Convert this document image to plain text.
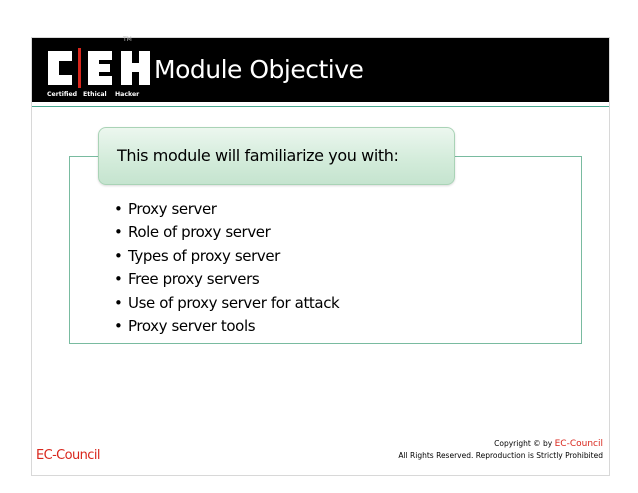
Certified Ethical Hacker
TM
Module Objective
This module will familiarize you with:
• Proxy server
• Role of proxy server
• Types of proxy server
• Free proxy servers
• Use of proxy server for attack
• Proxy server tools
EC-Council
Copyright © by EC-Council
All Rights Reserved. Reproduction is Strictly Prohibited
